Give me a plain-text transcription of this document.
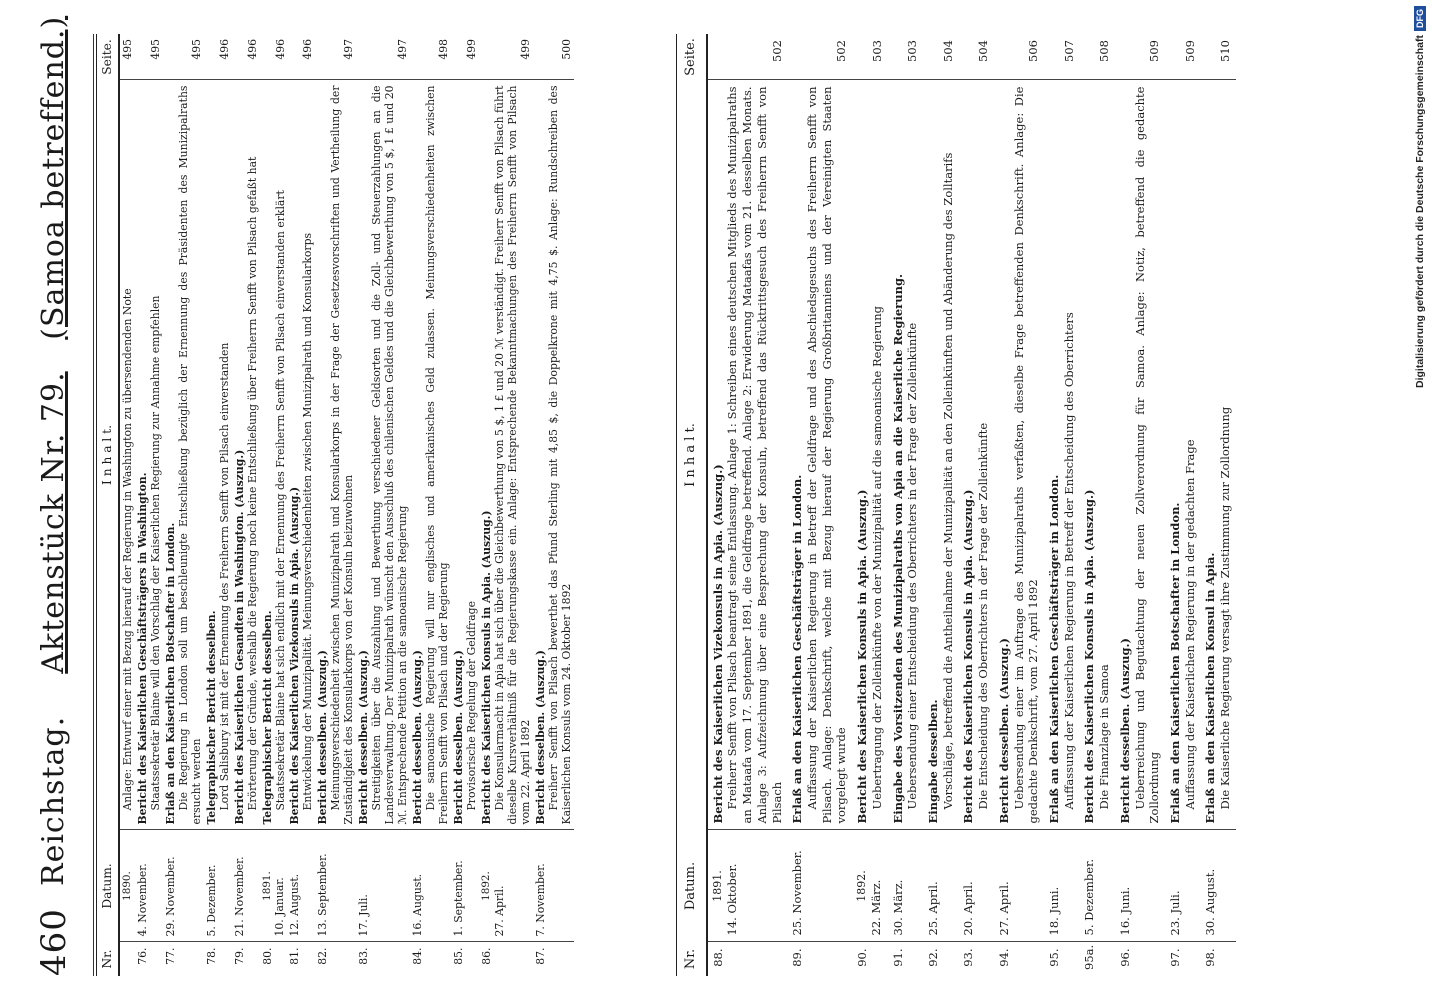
460
Reichstag.    Aktenstück Nr. 79.   (Samoa betreffend.)
Nr.	Datum.	I n h a l t.	Seite.

	1890.	Anlage: Entwurf einer mit Bezug hierauf der Regierung in Washington zu übersendenden Note	495
76.	4. November.	Bericht des Kaiserlichen Geschäftsträgers in Washington. Staatssekretär Blaine will den Vorschlag der Kaiserlichen Regierung zur Annahme empfehlen	495
77.	29. November.	Erlaß an den Kaiserlichen Botschafter in London. Die Regierung in London soll um beschleunigte Entschließung bezüglich der Ernennung des Präsidenten des Munizipalraths ersucht werden	495
78.	5. Dezember.	Telegraphischer Bericht desselben. Lord Salisbury ist mit der Ernennung des Freiherrn Senfft von Pilsach einverstanden	496
79.	21. November.	Bericht des Kaiserlichen Gesandten in Washington. (Auszug.) Erörterung der Gründe, weshalb die Regierung noch keine Entschließung über Freiherrn Senfft von Pilsach gefaßt hat	496
80.	1891. 10. Januar.	Telegraphischer Bericht desselben. Staatssekretär Blaine hat sich endlich mit der Ernennung des Freiherrn Senfft von Pilsach einverstanden erklärt	496
81.	12. August.	Bericht des Kaiserlichen Vizekonsuls in Apia. (Auszug.) Entwickelung der Munizipalität. Meinungsverschiedenheiten zwischen Munizipalrath und Konsularkorps	496
82.	13. September.	Bericht desselben. (Auszug.) Meinungsverschiedenheit zwischen Munizipalrath und Konsularkorps in der Frage der Gesetzesvorschriften und Vertheilung der Zuständigkeit des Konsularkorps von der Konsuln beizuwohnen	497
83.	17. Juli.	Bericht desselben. (Auszug.) Streitigkeiten über die Auszahlung und Bewerthung verschiedener Geldsorten und die Zoll- und Steuerzahlungen an die Landesverwaltung. Der Munizipalrath wünscht den Ausschluß des chilenischen Geldes und die Gleichbewerthung von 5 $, 1 £ und 20 ℳ. Entsprechende Petition an die samoanische Regierung	497
84.	16. August.	Bericht desselben. (Auszug.) Die samoanische Regierung will nur englisches und amerikanisches Geld zulassen. Meinungsverschiedenheiten zwischen Freiherrn Senfft von Pilsach und der Regierung	498
85.	1. September.	Bericht desselben. (Auszug.) Provisorische Regelung der Geldfrage	499
86.	1892. 27. April.	Bericht des Kaiserlichen Konsuls in Apia. (Auszug.) Die Konsularmacht in Apia hat sich über die Gleichbewerthung von 5 $, 1 £ und 20 ℳ verständigt. Freiherr Senfft von Pilsach führt dieselbe Kursverhältniß für die Regierungskasse ein. Anlage: Entsprechende Bekanntmachungen des Freiherrn Senfft von Pilsach vom 22. April 1892	499
87.	7. November.	Bericht desselben. (Auszug.) Freiherr Senfft von Pilsach bewerthet das Pfund Sterling mit 4,85 $, die Doppelkrone mit 4,75 $. Anlage: Rundschreiben des Kaiserlichen Konsuls vom 24. Oktober 1892	500
Nr.	Datum.	I n h a l t.	Seite.
88.	1891. 14. Oktober.	Bericht des Kaiserlichen Vizekonsuls in Apia. (Auszug.) Freiherr Senfft von Pilsach beantragt seine Entlassung. Anlage 1: Schreiben eines deutschen Mitglieds des Munizipalraths an Mataafa vom 17. September 1891, die Geldfrage betreffend. Anlage 2: Erwiderung Mataafas vom 21. desselben Monats. Anlage 3: Aufzeichnung über eine Besprechung der Konsuln, betreffend das Rücktrittsgesuch des Freiherrn Senfft von Pilsach	502
89.	25. November.	Erlaß an den Kaiserlichen Geschäftsträger in London. Auffassung der Kaiserlichen Regierung in Betreff der Geldfrage und des Abschiedsgesuchs des Freiherrn Senfft von Pilsach. Anlage: Denkschrift, welche mit Bezug hierauf der Regierung Großbritanniens und der Vereinigten Staaten vorgelegt wurde	502
90.	1892. 22. März.	Bericht des Kaiserlichen Konsuls in Apia. (Auszug.) Uebertragung der Zolleinkünfte von der Munizipalität auf die samoanische Regierung	503
91.	30. März.	Eingabe des Vorsitzenden des Munizipalraths von Apia an die Kaiserliche Regierung. Uebersendung einer Entscheidung des Oberrichters in der Frage der Zolleinkünfte	503
92.	25. April.	Eingabe desselben. Vorschläge, betreffend die Antheilnahme der Munizipalität an den Zolleinkünften und Abänderung des Zolltarifs	504
93.	20. April.	Bericht des Kaiserlichen Konsuls in Apia. (Auszug.) Die Entscheidung des Oberrichters in der Frage der Zolleinkünfte	504
94.	27. April.	Bericht desselben. (Auszug.) Uebersendung einer im Auftrage des Munizipalraths verfaßten, dieselbe Frage betreffenden Denkschrift. Anlage: Die gedachte Denkschrift, vom 27. April 1892	506
95.	18. Juni.	Erlaß an den Kaiserlichen Geschäftsträger in London. Auffassung der Kaiserlichen Regierung in Betreff der Entscheidung des Oberrichters	507
95a.	5. Dezember.	Bericht des Kaiserlichen Konsuls in Apia. (Auszug.) Die Finanzlage in Samoa	508
96.	16. Juni.	Bericht desselben. (Auszug.) Ueberreichung und Begutachtung der neuen Zollverordnung für Samoa. Anlage: Notiz, betreffend die gedachte Zollordnung	509
97.	23. Juli.	Erlaß an den Kaiserlichen Botschafter in London. Auffassung der Kaiserlichen Regierung in der gedachten Frage	509
98.	30. August.	Erlaß an den Kaiserlichen Konsul in Apia. Die Kaiserliche Regierung versagt ihre Zustimmung zur Zollordnung	510	Digitalisierung gefördert durch die Deutsche Forschungsgemeinschaft
DFG
